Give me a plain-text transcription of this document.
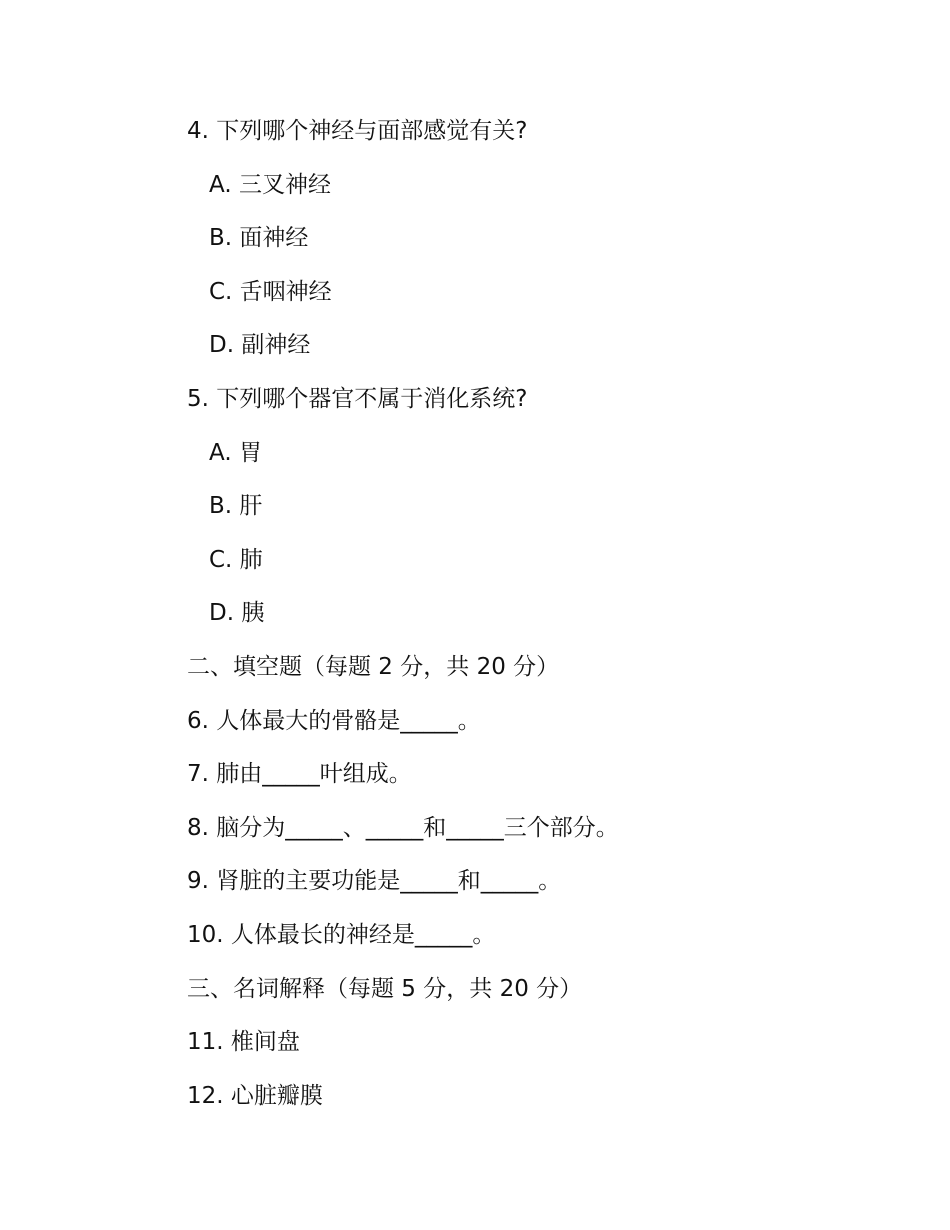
4. 下列哪个神经与面部感觉有关?
A. 三叉神经
B. 面神经
C. 舌咽神经
D. 副神经
5. 下列哪个器官不属于消化系统?
A. 胃
B. 肝
C. 肺
D. 胰
二、填空题（每题 2 分，共 20 分）
6. 人体最大的骨骼是_____。
7. 肺由_____叶组成。
8. 脑分为_____、_____和_____三个部分。
9. 肾脏的主要功能是_____和_____。
10. 人体最长的神经是_____。
三、名词解释（每题 5 分，共 20 分）
11. 椎间盘
12. 心脏瓣膜
